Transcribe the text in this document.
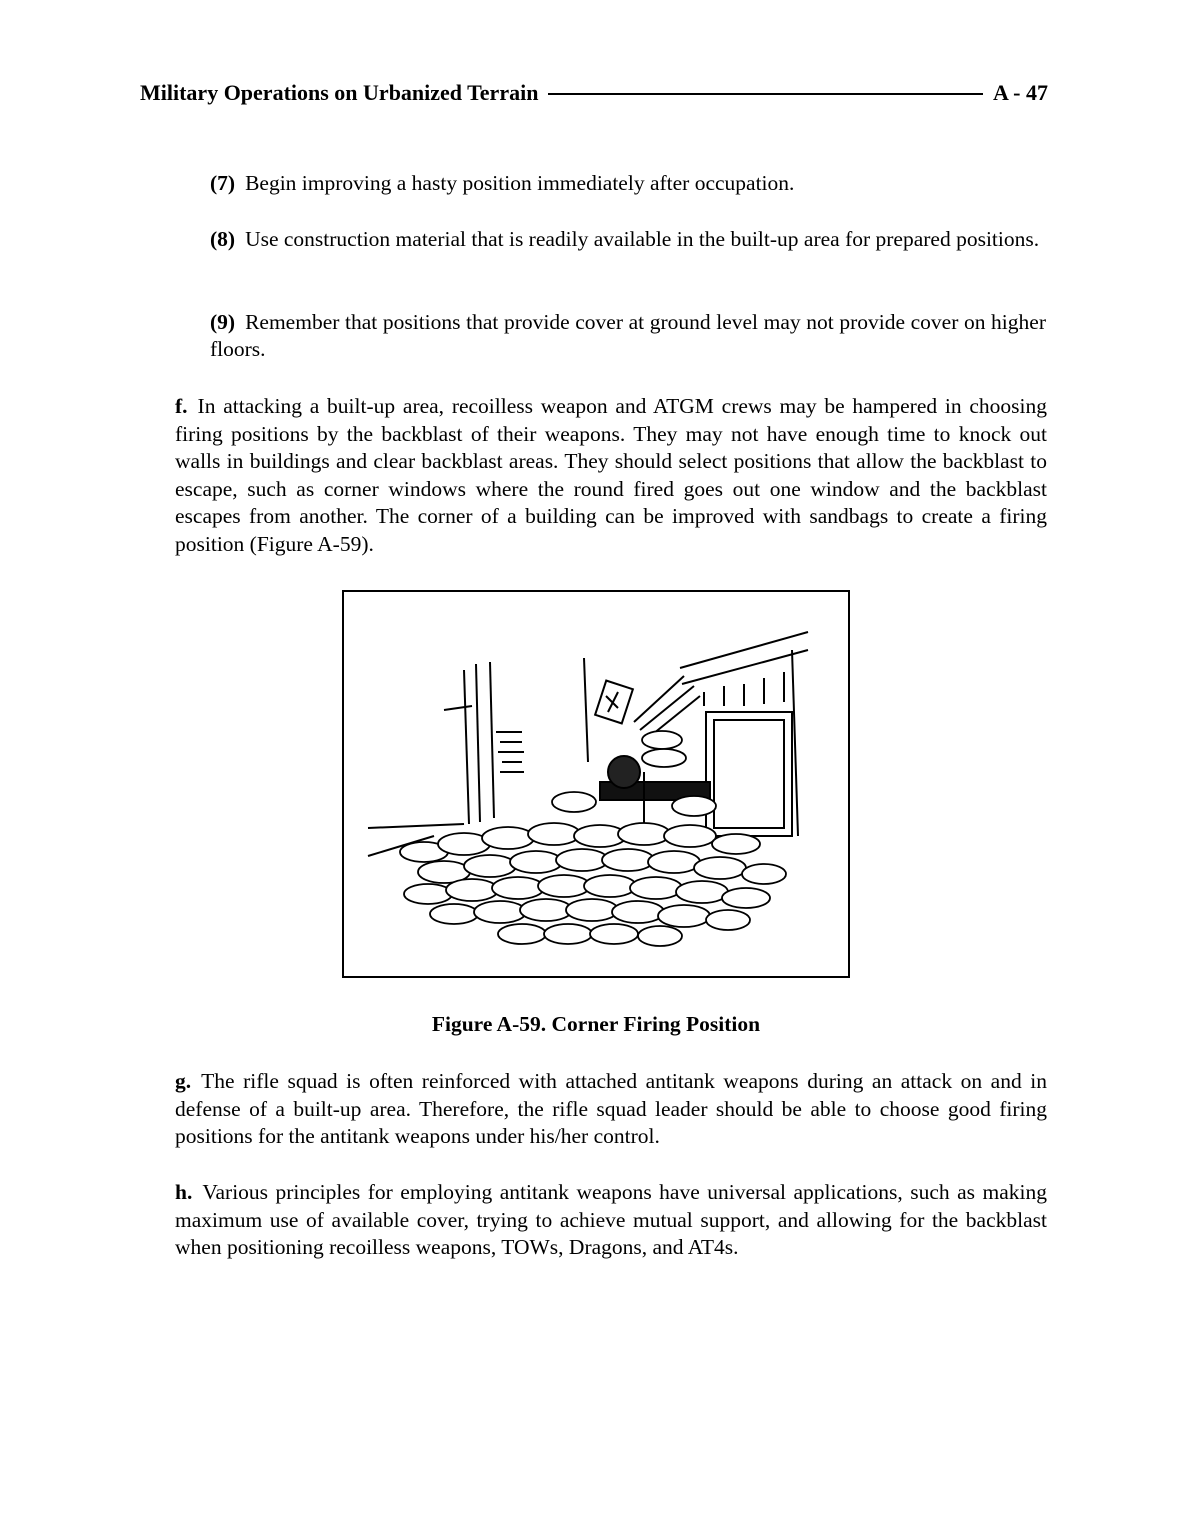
Military Operations on Urbanized Terrain	A - 47
(7) Begin improving a hasty position immediately after occupation.
(8) Use construction material that is readily available in the built-up area for prepared positions.
(9) Remember that positions that provide cover at ground level may not provide cover on higher floors.
f. In attacking a built-up area, recoilless weapon and ATGM crews may be hampered in choosing firing positions by the backblast of their weapons. They may not have enough time to knock out walls in buildings and clear backblast areas. They should select positions that allow the backblast to escape, such as corner windows where the round fired goes out one window and the backblast escapes from another. The corner of a building can be improved with sandbags to create a firing position (Figure A-59).
Figure A-59. Corner Firing Position
g. The rifle squad is often reinforced with attached antitank weapons during an attack on and in defense of a built-up area. Therefore, the rifle squad leader should be able to choose good firing positions for the antitank weapons under his/her control.
h. Various principles for employing antitank weapons have universal applications, such as making maximum use of available cover, trying to achieve mutual support, and allowing for the backblast when positioning recoilless weapons, TOWs, Dragons, and AT4s.
